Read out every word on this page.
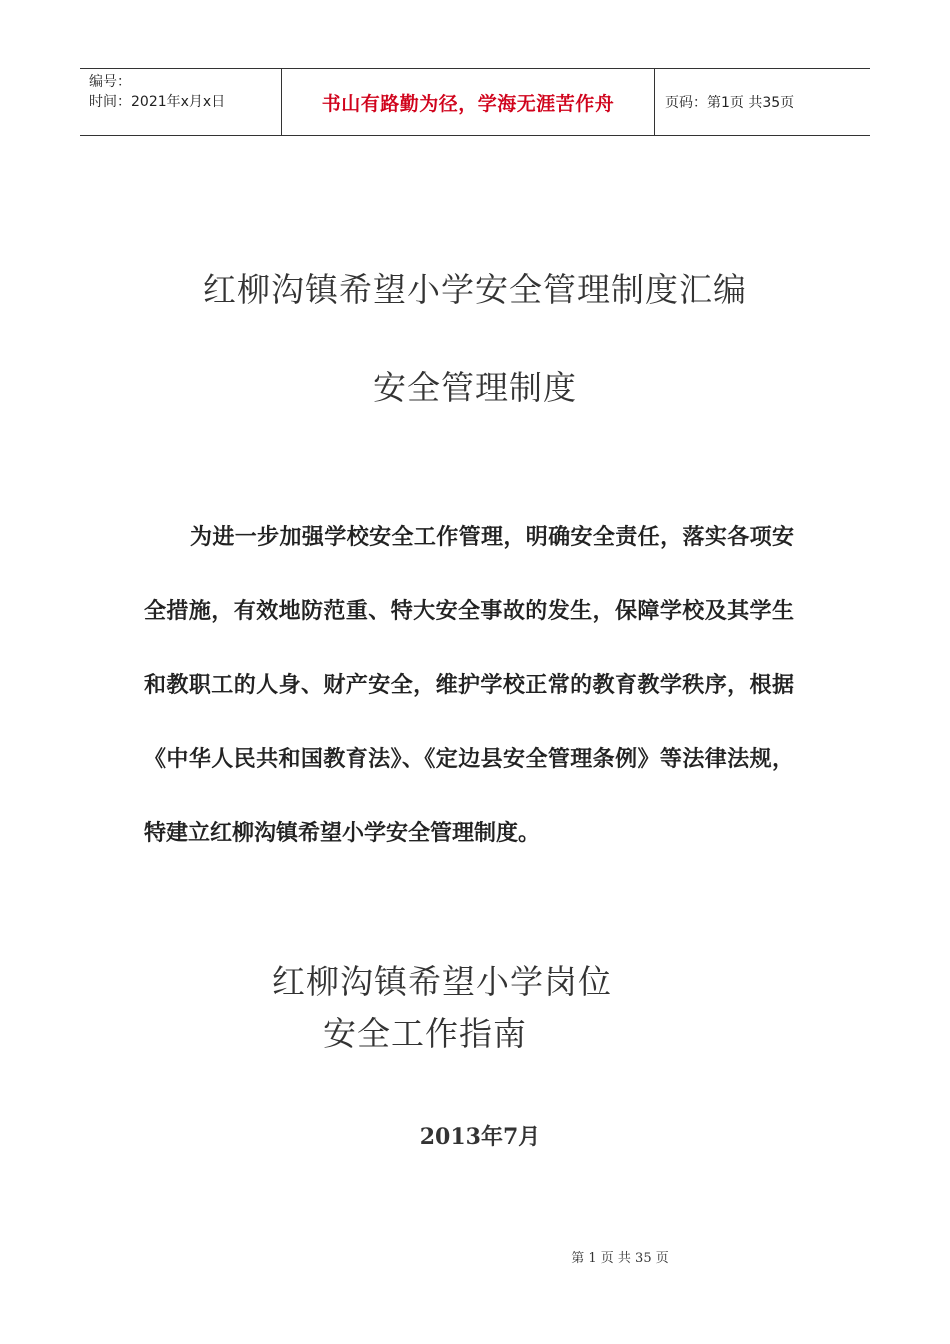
编号：
时间：2021年x月x日	书山有路勤为径，学海无涯苦作舟	页码：第1页 共35页
红柳沟镇希望小学安全管理制度汇编
安全管理制度

为进一步加强学校安全工作管理，明确安全责任，落实各项安全措施，有效地防范重、特大安全事故的发生，保障学校及其学生和教职工的人身、财产安全，维护学校正常的教育教学秩序，根据《中华人民共和国教育法》、《定边县安全管理条例》等法律法规，特建立红柳沟镇希望小学安全管理制度。

红柳沟镇希望小学岗位
安全工作指南
2013年7月
第 1 页 共 35 页
